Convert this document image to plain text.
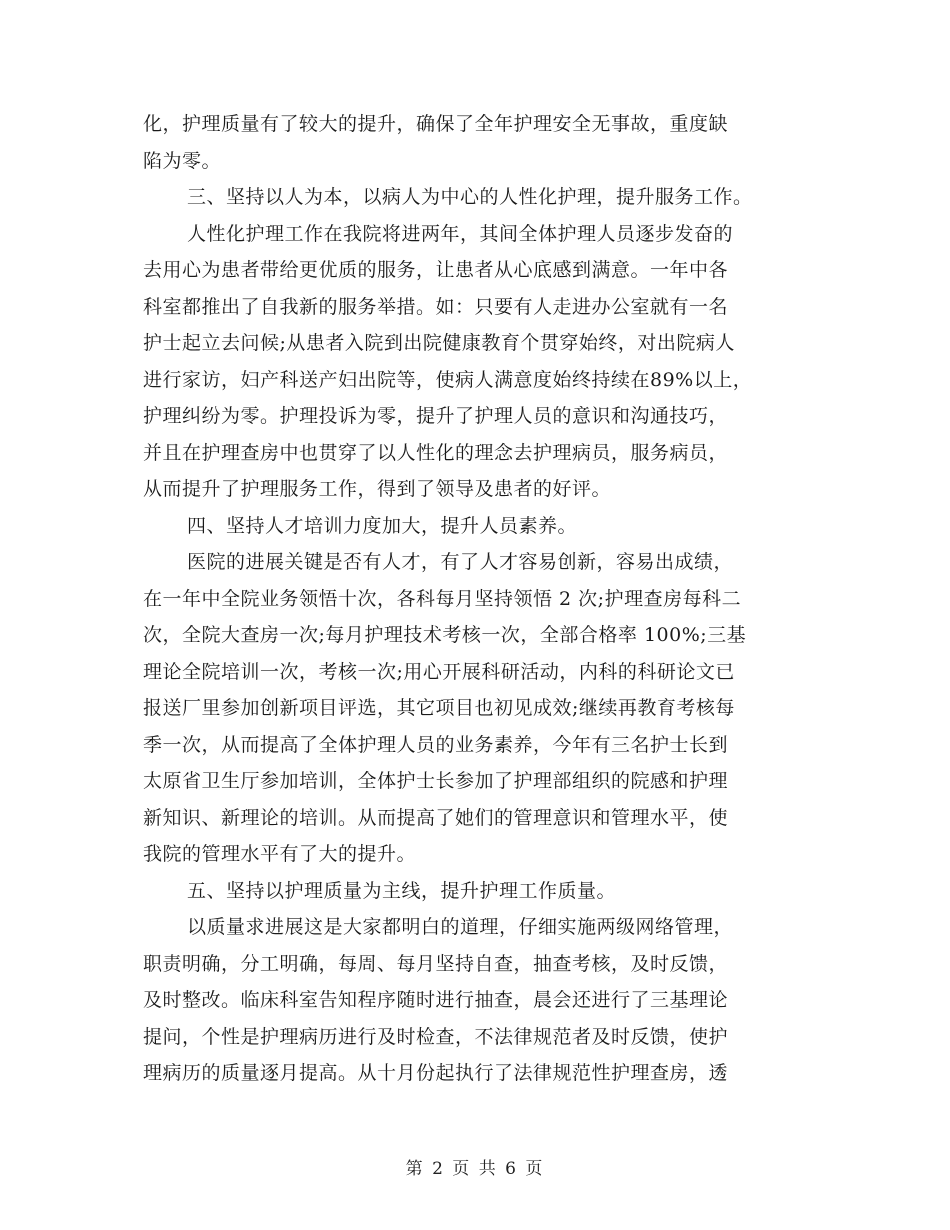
化，护理质量有了较大的提升，确保了全年护理安全无事故，重度缺
陷为零。
三、坚持以人为本，以病人为中心的人性化护理，提升服务工作。
人性化护理工作在我院将进两年，其间全体护理人员逐步发奋的
去用心为患者带给更优质的服务，让患者从心底感到满意。一年中各
科室都推出了自我新的服务举措。如：只要有人走进办公室就有一名
护士起立去问候;从患者入院到出院健康教育个贯穿始终，对出院病人
进行家访，妇产科送产妇出院等，使病人满意度始终持续在89%以上，
护理纠纷为零。护理投诉为零，提升了护理人员的意识和沟通技巧，
并且在护理查房中也贯穿了以人性化的理念去护理病员，服务病员，
从而提升了护理服务工作，得到了领导及患者的好评。
四、坚持人才培训力度加大，提升人员素养。
医院的进展关键是否有人才，有了人才容易创新，容易出成绩，
在一年中全院业务领悟十次，各科每月坚持领悟 2 次;护理查房每科二
次，全院大查房一次;每月护理技术考核一次，全部合格率 100%;三基
理论全院培训一次，考核一次;用心开展科研活动，内科的科研论文已
报送厂里参加创新项目评选，其它项目也初见成效;继续再教育考核每
季一次，从而提高了全体护理人员的业务素养，今年有三名护士长到
太原省卫生厅参加培训，全体护士长参加了护理部组织的院感和护理
新知识、新理论的培训。从而提高了她们的管理意识和管理水平，使
我院的管理水平有了大的提升。
五、坚持以护理质量为主线，提升护理工作质量。
以质量求进展这是大家都明白的道理，仔细实施两级网络管理，
职责明确，分工明确，每周、每月坚持自查，抽查考核，及时反馈，
及时整改。临床科室告知程序随时进行抽查，晨会还进行了三基理论
提问，个性是护理病历进行及时检查，不法律规范者及时反馈，使护
理病历的质量逐月提高。从十月份起执行了法律规范性护理查房，透
第 2 页 共 6 页
